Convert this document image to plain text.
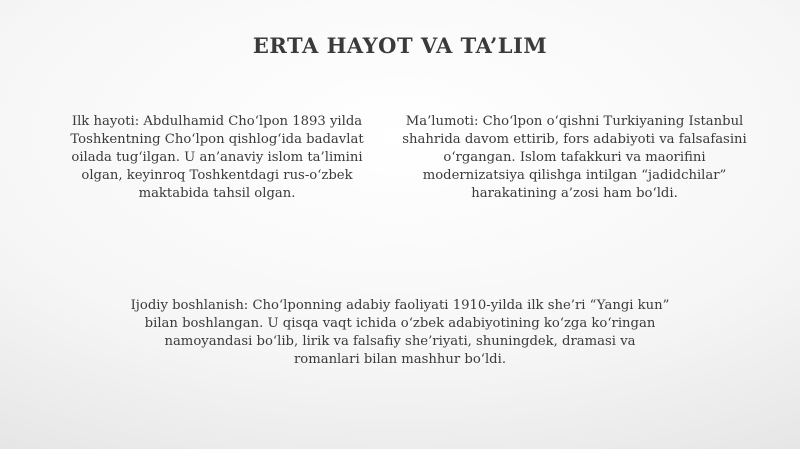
ERTA HAYOT VA TA’LIM
Ilk hayoti: Abdulhamid Cho‘lpon 1893 yilda Toshkentning Cho‘lpon qishlog‘ida badavlat oilada tug‘ilgan. U an’anaviy islom ta’limini olgan, keyinroq Toshkentdagi rus-o‘zbek maktabida tahsil olgan.
Ma’lumoti: Cho‘lpon o‘qishni Turkiyaning Istanbul shahrida davom ettirib, fors adabiyoti va falsafasini o‘rgangan. Islom tafakkuri va maorifini modernizatsiya qilishga intilgan “jadidchilar” harakatining a’zosi ham bo‘ldi.
Ijodiy boshlanish: Cho‘lponning adabiy faoliyati 1910-yilda ilk she’ri “Yangi kun” bilan boshlangan. U qisqa vaqt ichida o‘zbek adabiyotining ko‘zga ko‘ringan namoyandasi bo‘lib, lirik va falsafiy she’riyati, shuningdek, dramasi va romanlari bilan mashhur bo‘ldi.
